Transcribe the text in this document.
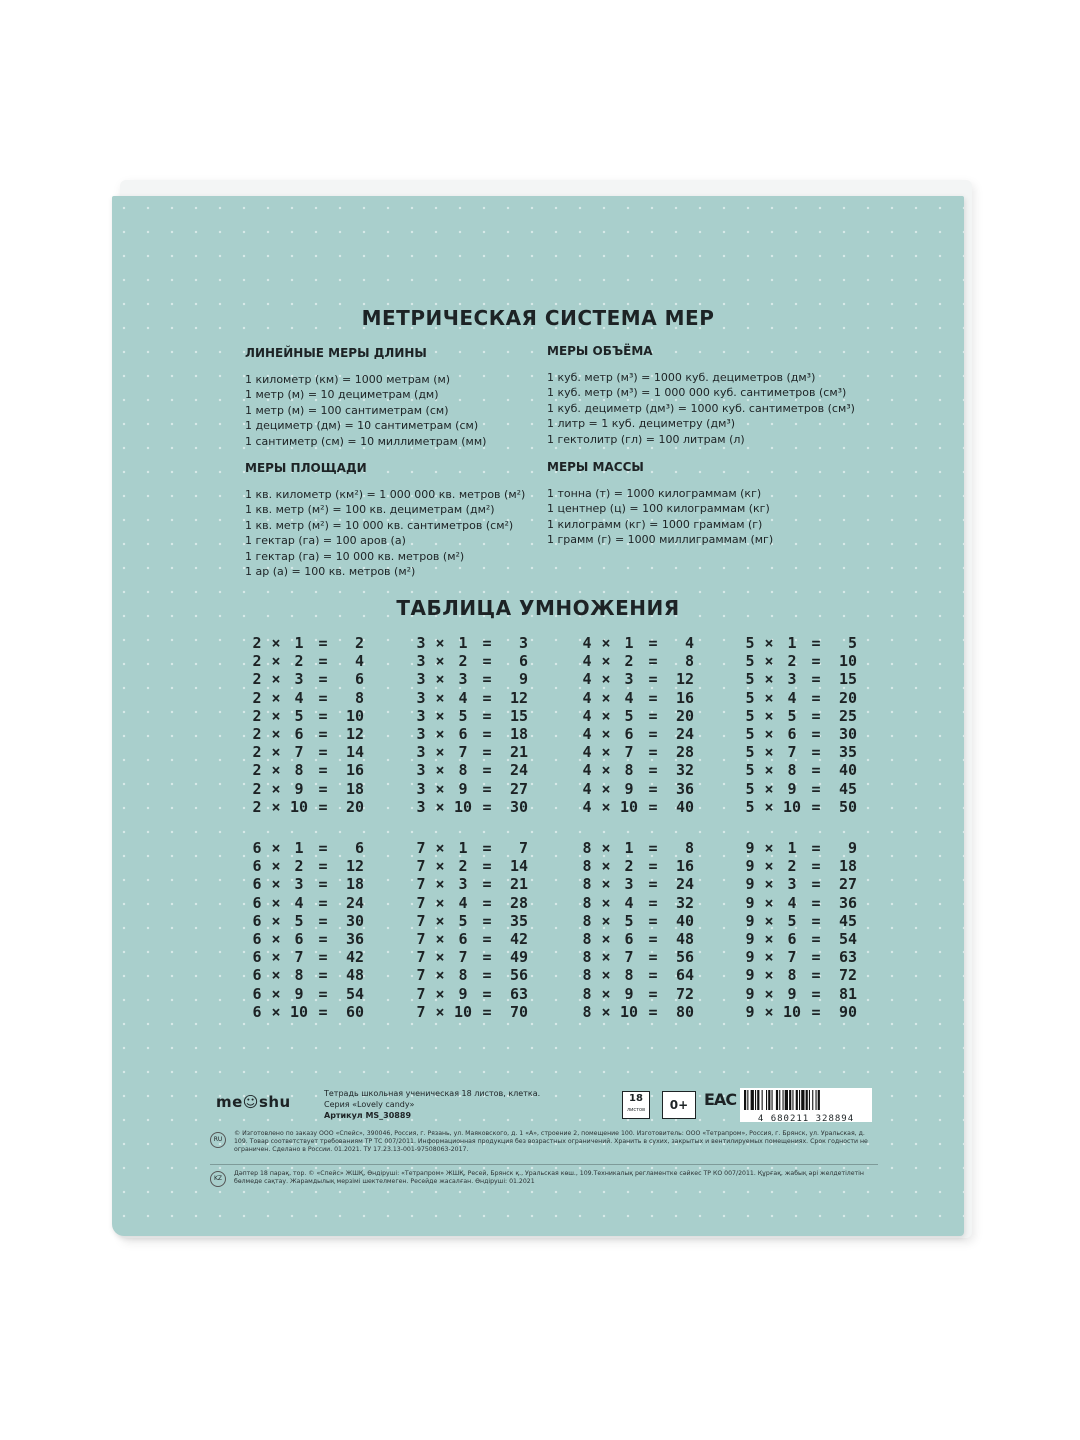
МЕТРИЧЕСКАЯ СИСТЕМА МЕР
ЛИНЕЙНЫЕ МЕРЫ ДЛИНЫ
1 километр (км) = 1000 метрам (м)
1 метр (м) = 10 дециметрам (дм)
1 метр (м) = 100 сантиметрам (см)
1 дециметр (дм) = 10 сантиметрам (см)
1 сантиметр (см) = 10 миллиметрам (мм)
МЕРЫ ОБЪЁМА
1 куб. метр (м³) = 1000 куб. дециметров (дм³)
1 куб. метр (м³) = 1 000 000 куб. сантиметров (см³)
1 куб. дециметр (дм³) = 1000 куб. сантиметров (см³)
1 литр = 1 куб. дециметру (дм³)
1 гектолитр (гл) = 100 литрам (л)
МЕРЫ ПЛОЩАДИ
1 кв. километр (км²) = 1 000 000 кв. метров (м²)
1 кв. метр (м²) = 100 кв. дециметрам (дм²)
1 кв. метр (м²) = 10 000 кв. сантиметров (см²)
1 гектар (га) = 100 аров (а)
1 гектар (га) = 10 000 кв. метров (м²)
1 ар (а) = 100 кв. метров (м²)
МЕРЫ МАССЫ
1 тонна (т) = 1000 килограммам (кг)
1 центнер (ц) = 100 килограммам (кг)
1 килограмм (кг) = 1000 граммам (г)
1 грамм (г) = 1000 миллиграммам (мг)
ТАБЛИЦА УМНОЖЕНИЯ
2 × 1 =	2
2 × 2 =	4
2 × 3 =	6
2 × 4 =	8
2 × 5 =	10
2 × 6 =	12
2 × 7 =	14
2 × 8 =	16
2 × 9 =	18
2 × 10 =	20
3 × 1 =	3
3 × 2 =	6
3 × 3 =	9
3 × 4 =	12
3 × 5 =	15
3 × 6 =	18
3 × 7 =	21
3 × 8 =	24
3 × 9 =	27
3 × 10 =	30
4 × 1 =	4
4 × 2 =	8
4 × 3 =	12
4 × 4 =	16
4 × 5 =	20
4 × 6 =	24
4 × 7 =	28
4 × 8 =	32
4 × 9 =	36
4 × 10 =	40
5 × 1 =	5
5 × 2 =	10
5 × 3 =	15
5 × 4 =	20
5 × 5 =	25
5 × 6 =	30
5 × 7 =	35
5 × 8 =	40
5 × 9 =	45
5 × 10 =	50
6 × 1 =	6
6 × 2 =	12
6 × 3 =	18
6 × 4 =	24
6 × 5 =	30
6 × 6 =	36
6 × 7 =	42
6 × 8 =	48
6 × 9 =	54
6 × 10 =	60
7 × 1 =	7
7 × 2 =	14
7 × 3 =	21
7 × 4 =	28
7 × 5 =	35
7 × 6 =	42
7 × 7 =	49
7 × 8 =	56
7 × 9 =	63
7 × 10 =	70
8 × 1 =	8
8 × 2 =	16
8 × 3 =	24
8 × 4 =	32
8 × 5 =	40
8 × 6 =	48
8 × 7 =	56
8 × 8 =	64
8 × 9 =	72
8 × 10 =	80
9 × 1 =	9
9 × 2 =	18
9 × 3 =	27
9 × 4 =	36
9 × 5 =	45
9 × 6 =	54
9 × 7 =	63
9 × 8 =	72
9 × 9 =	81
9 × 10 =	90
me☺shu	Тетрадь школьная ученическая 18 листов, клетка.
Серия «Lovely candy»
Артикул MS_30889
18
листов	0+ EAC
4 680211 328894
RU
© Изготовлено по заказу ООО «Спейс», 390046, Россия, г. Рязань, ул. Маяковского, д. 1 «А», строение 2, помещение 100. Изготовитель: ООО «Тетрапром», Россия, г. Брянск, ул. Уральская, д. 109. Товар соответствует требованиям ТР ТС 007/2011. Информационная продукция без возрастных ограничений. Хранить в сухих, закрытых и вентилируемых помещениях. Срок годности не ограничен. Сделано в России. 01.2021. ТУ 17.23.13-001-97508063-2017.
KZ
Дәптер 18 парақ, тор. © «Спейс» ЖШҚ, Өндіруші: «Тетрапром» ЖШҚ, Ресей, Брянск қ., Уральская көш., 109.Техникалық регламентке сәйкес ТР КО 007/2011. Құрғақ, жабық әрі желдетілетін бөлмеде сақтау. Жарамдылық мерзімі шектелмеген. Ресейде жасалған. Өндіруші: 01.2021
